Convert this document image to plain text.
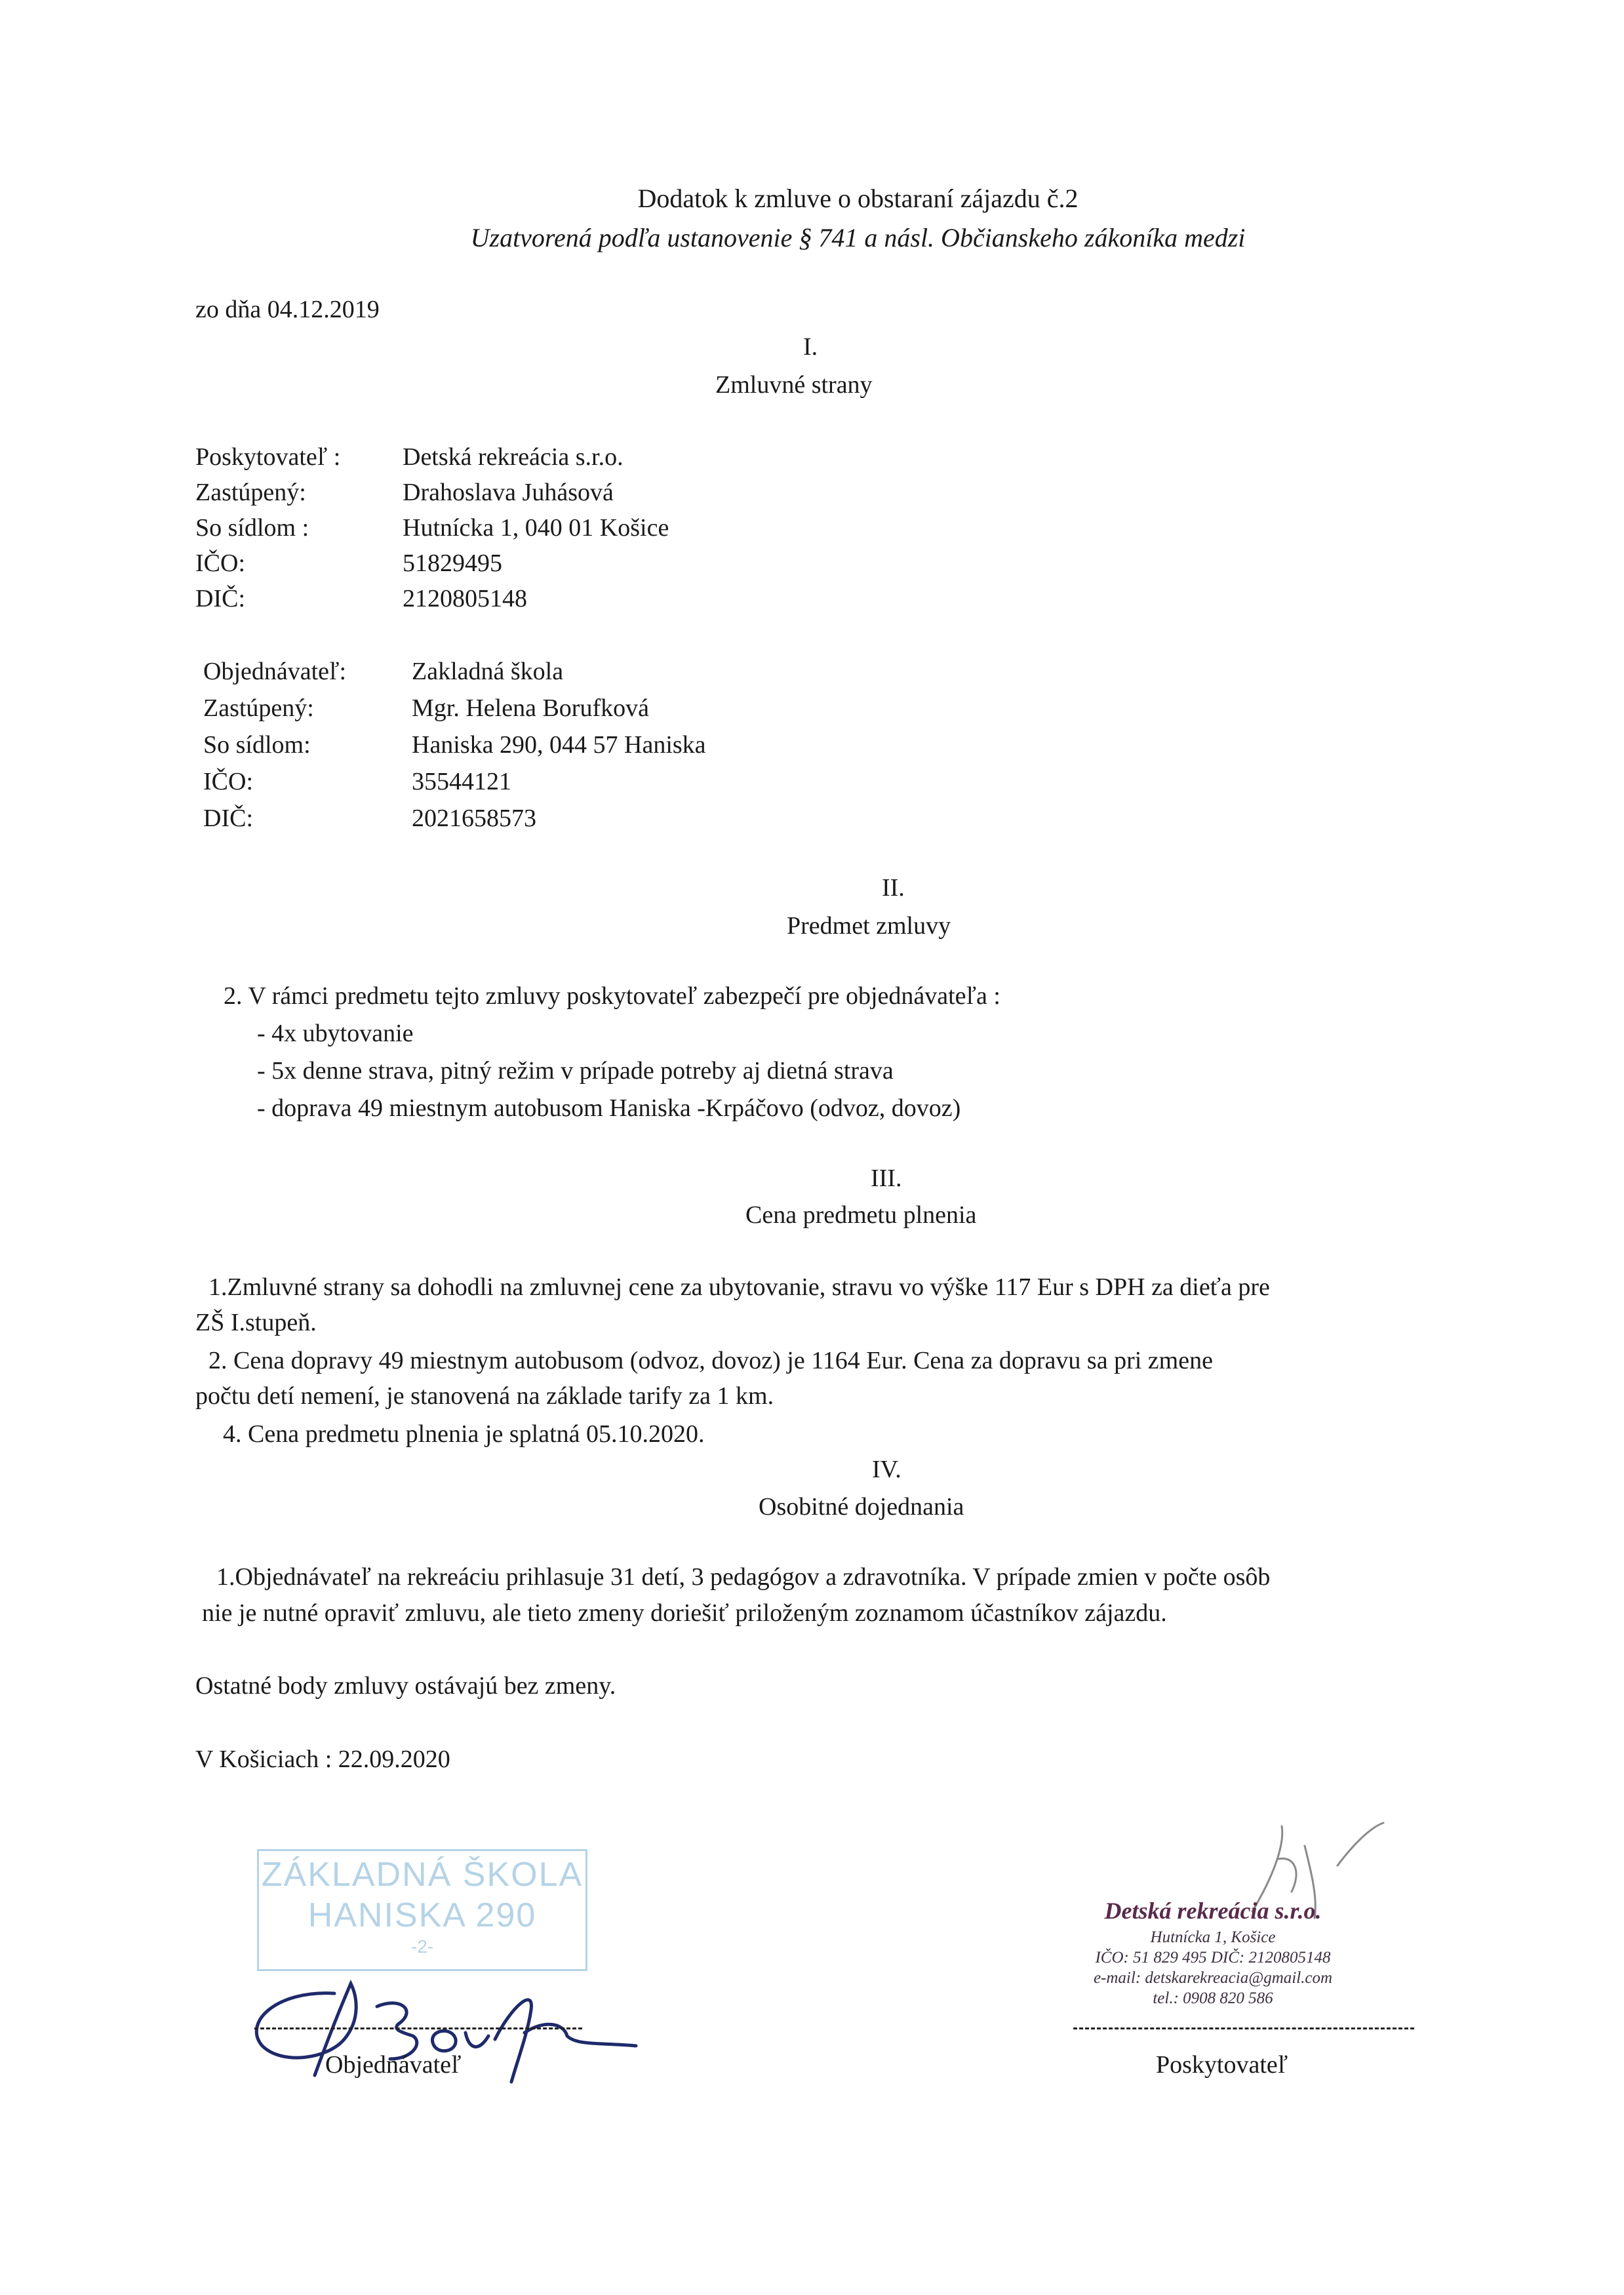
Dodatok k zmluve o obstaraní zájazdu č.2
Uzatvorená podľa ustanovenie § 741 a násl. Občianskeho zákoníka medzi
zo dňa 04.12.2019
I.
Zmluvné strany
Poskytovateľ : Detská rekreácia s.r.o.
Zastúpený:	Drahoslava Juhásová
So sídlom :	Hutnícka 1, 040 01 Košice
IČO:	51829495
DIČ:	2120805148
Objednávateľ:	Zakladná škola
Zastúpený:	Mgr. Helena Borufková
So sídlom:	Haniska 290, 044 57 Haniska
IČO:	35544121
DIČ:	2021658573
II.
Predmet zmluvy
2. V rámci predmetu tejto zmluvy poskytovateľ zabezpečí pre objednávateľa :
- 4x ubytovanie
- 5x denne strava, pitný režim v prípade potreby aj dietná strava
- doprava 49 miestnym autobusom Haniska -Krpáčovo (odvoz, dovoz)
III.
Cena predmetu plnenia
1.Zmluvné strany sa dohodli na zmluvnej cene za ubytovanie, stravu vo výške 117 Eur s DPH za dieťa pre
ZŠ I.stupeň.
2. Cena dopravy 49 miestnym autobusom (odvoz, dovoz) je 1164 Eur. Cena za dopravu sa pri zmene
počtu detí nemení, je stanovená na základe tarify za 1 km.
4. Cena predmetu plnenia je splatná 05.10.2020.
IV.
Osobitné dojednania
1.Objednávateľ na rekreáciu prihlasuje 31 detí, 3 pedagógov a zdravotníka. V prípade zmien v počte osôb
nie je nutné opraviť zmluvu, ale tieto zmeny doriešiť priloženým zoznamom účastníkov zájazdu.
Ostatné body zmluvy ostávajú bez zmeny.
V Košiciach : 22.09.2020
ZÁKLADNÁ ŠKOLA
HANISKA 290
-2-
Detská rekreácia s.r.o.
Hutnícka 1, Košice
IČO: 51 829 495 DIČ: 2120805148
e-mail: detskarekreacia@gmail.com
tel.: 0908 820 586
Objednávateľ	Poskytovateľ
